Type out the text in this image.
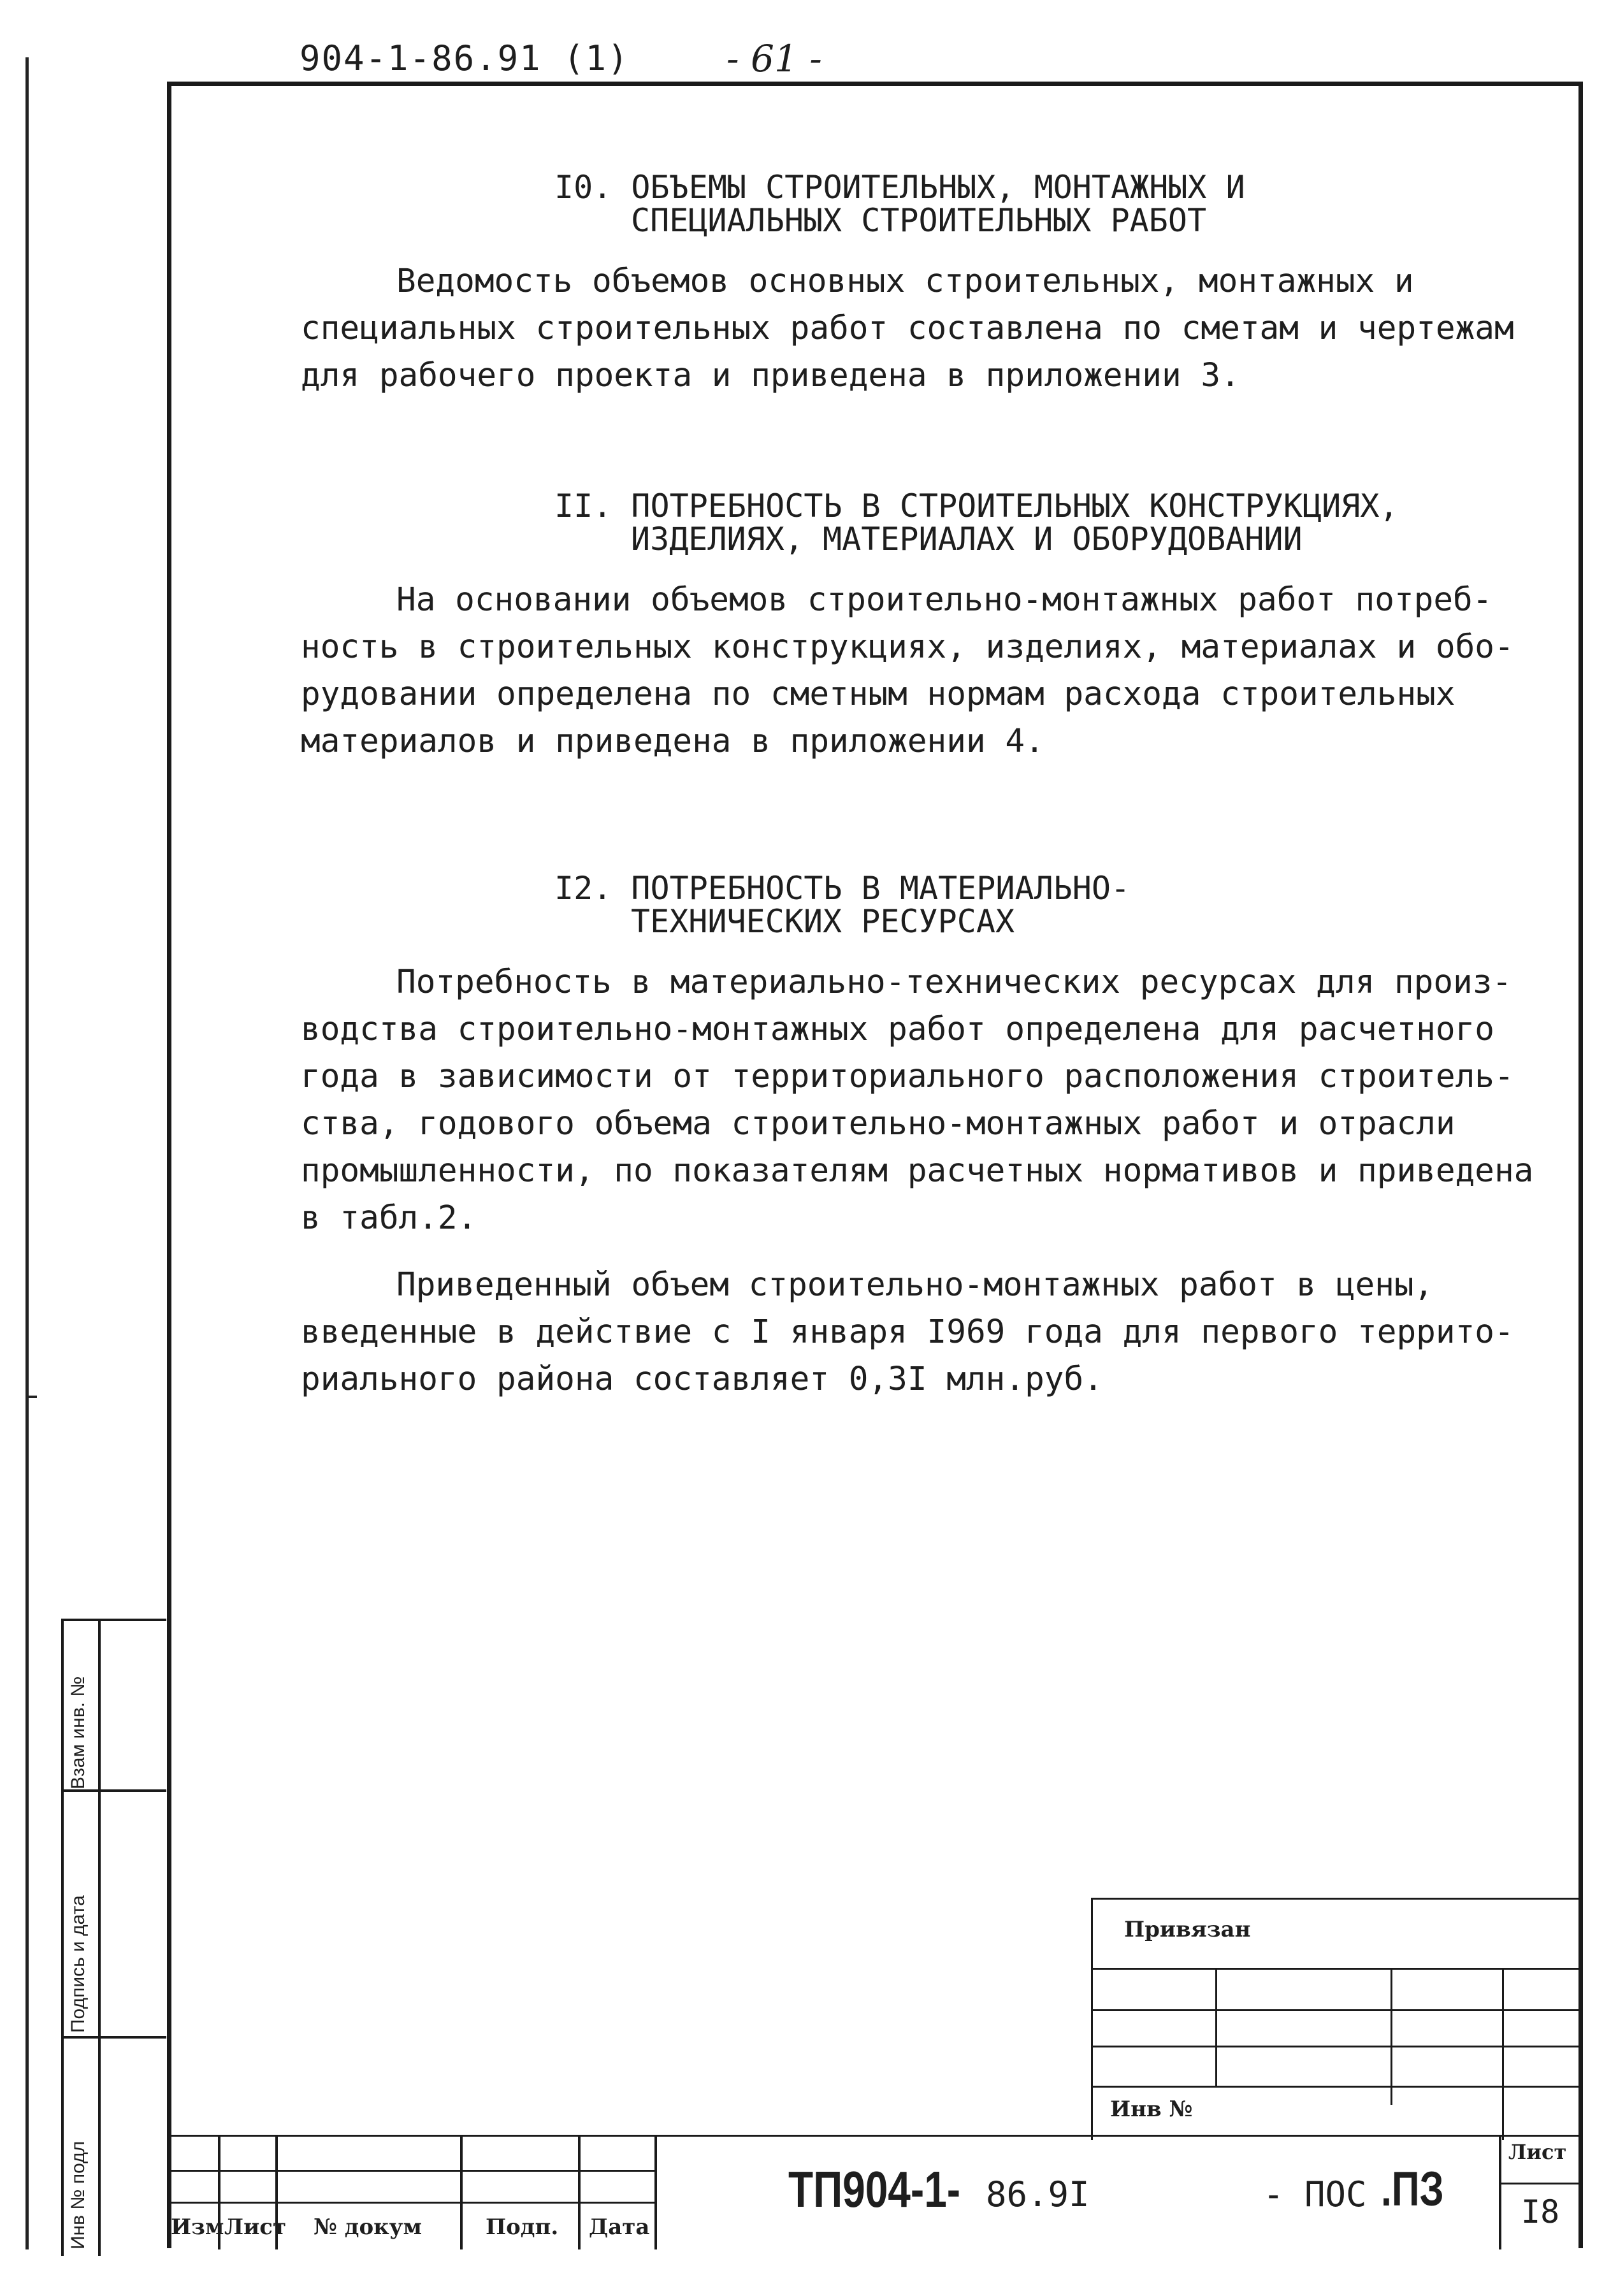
904-1-86.91 (1)	- 61 -
I0. ОБЪЕМЫ СТРОИТЕЛЬНЫХ, МОНТАЖНЫХ И
СПЕЦИАЛЬНЫХ СТРОИТЕЛЬНЫХ РАБОТ
Ведомость объемов основных строительных, монтажных и
специальных строительных работ составлена по сметам и чертежам
для рабочего проекта и приведена в приложении 3.
II. ПОТРЕБНОСТЬ В СТРОИТЕЛЬНЫХ КОНСТРУКЦИЯХ,
ИЗДЕЛИЯХ, МАТЕРИАЛАХ И ОБОРУДОВАНИИ
На основании объемов строительно-монтажных работ потреб-
ность в строительных конструкциях, изделиях, материалах и обо-
рудовании определена по сметным нормам расхода строительных
материалов и приведена в приложении 4.
I2. ПОТРЕБНОСТЬ В МАТЕРИАЛЬНО-
ТЕХНИЧЕСКИХ РЕСУРСАХ
Потребность в материально-технических ресурсах для произ-
водства строительно-монтажных работ определена для расчетного
года в зависимости от территориального расположения строитель-
ства, годового объема строительно-монтажных работ и отрасли
промышленности, по показателям расчетных нормативов и приведена
в табл.2.
Приведенный объем строительно-монтажных работ в цены,
введенные в действие с I января I969 года для первого террито-
риального района составляет 0,3I млн.руб.
Взам инв. №
Подпись и дата
Инв № подл
Привязан
Инв №
Изм Лист № докум	Подп. Дата
ТП904-1- 86.9I	- ПОС .ПЗ
Лист
I8
